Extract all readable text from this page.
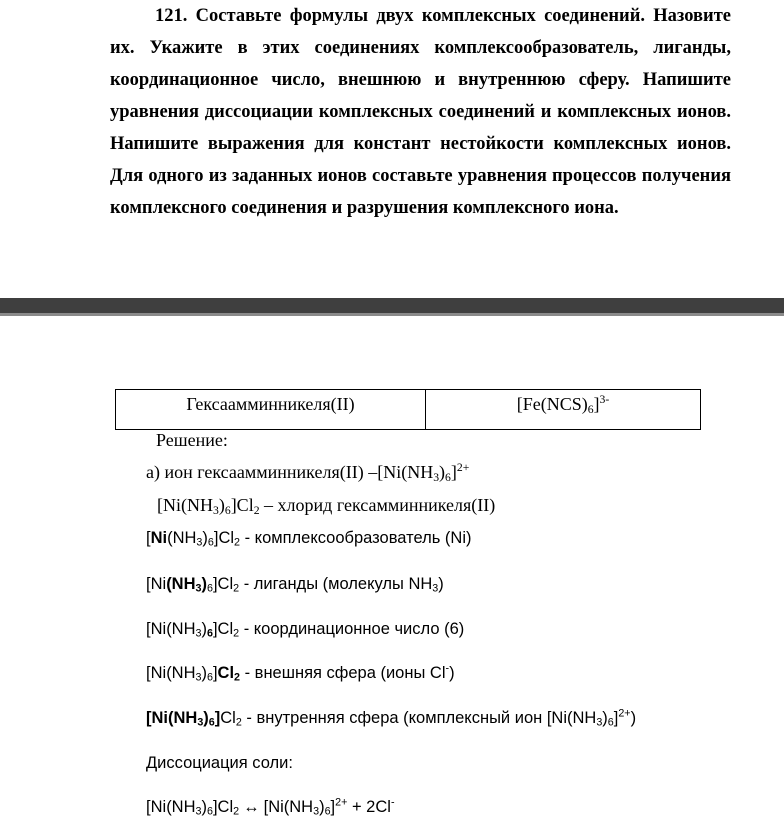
121. Составьте формулы двух комплексных соединений. Назовите
их. Укажите в этих соединениях комплексообразователь, лиганды,
координационное число, внешнюю и внутреннюю сферу. Напишите
уравнения диссоциации комплексных соединений и комплексных ионов.
Напишите выражения для констант нестойкости комплексных ионов.
Для одного из заданных ионов составьте уравнения процессов получения
комплексного соединения и разрушения комплексного иона.
Гексаамминникеля(II)	$[Fe(NCS)_6]^{3-}$
Решение:
а) ион гексаамминникеля(II) $-[Ni(NH_3)_6]^{2+}$
$[Ni(NH_3)_6]Cl_2$ – хлорид гексамминникеля(II)
$[Ni(NH_3)_6]Cl_2$ - комплексообразователь (Ni)
$[Ni(NH_3)_6]Cl_2$ - лиганды (молекулы $NH_3$)
$[Ni(NH_3)_6]Cl_2$ - координационное число (6)
$[Ni(NH_3)_6]Cl_2$ - внешняя сфера (ионы Cl-)
$[Ni(NH_3)_6]Cl_2$ - внутренняя сфера (комплексный ион $[Ni(NH_3)_6]^{2+}$)
Диссоциация соли:
$[Ni(NH_3)_6]Cl_2$ ↔ $[Ni(NH_3)_6]^{2+} + 2Cl^-$
